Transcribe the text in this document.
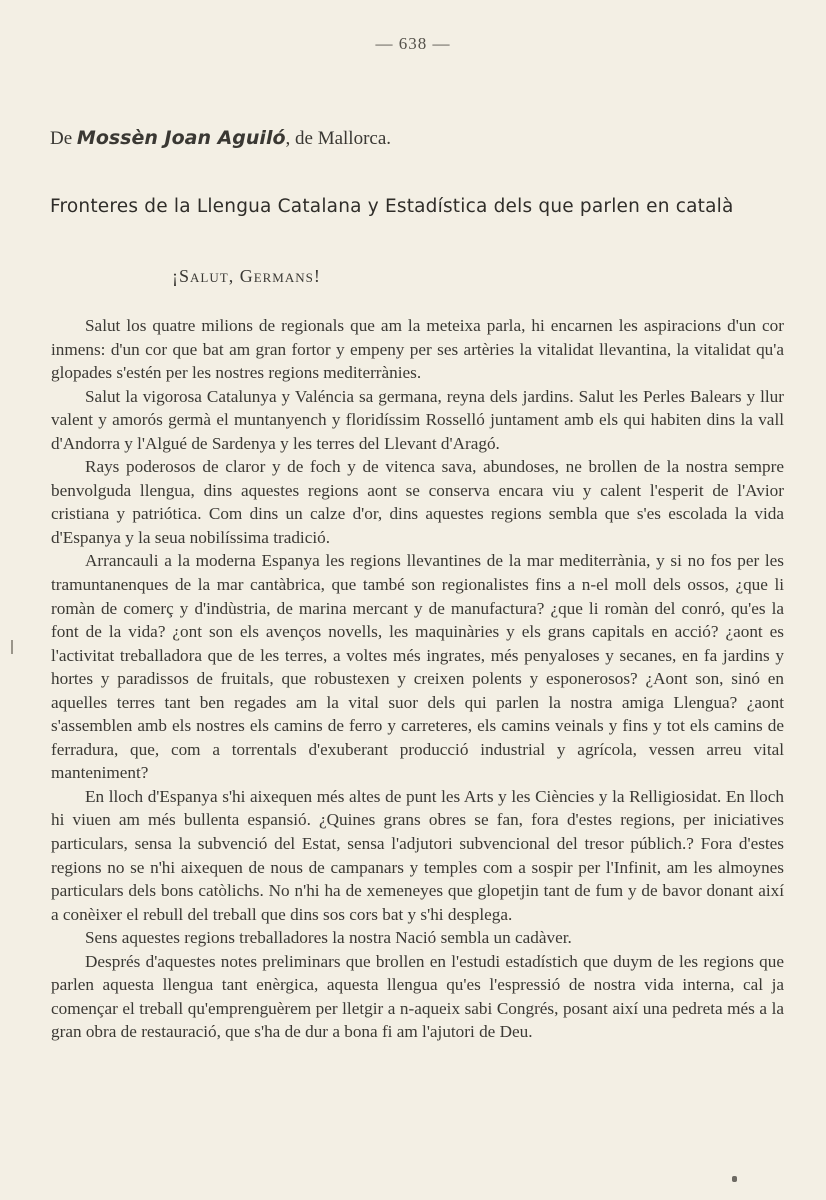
— 638 —
De Mossèn Joan Aguiló, de Mallorca.
Fronteres de la Llengua Catalana y Estadística dels que parlen en català
¡SALUT, GERMANS!

Salut los quatre milions de regionals que am la meteixa parla, hi encarnen les aspiracions d'un cor inmens: d'un cor que bat am gran fortor y empeny per ses artèries la vitalidat llevantina, la vitalidat qu'a glopades s'estén per les nostres regions mediterrànies.

Salut la vigorosa Catalunya y Valéncia sa germana, reyna dels jardins. Salut les Perles Balears y llur valent y amorós germà el muntanyench y floridíssim Rosselló juntament amb els qui habiten dins la vall d'Andorra y l'Algué de Sardenya y les terres del Llevant d'Aragó.

Rays poderosos de claror y de foch y de vitenca sava, abundoses, ne brollen de la nostra sempre benvolguda llengua, dins aquestes regions aont se conserva encara viu y calent l'esperit de l'Avior cristiana y patriótica. Com dins un calze d'or, dins aquestes regions sembla que s'es escolada la vida d'Espanya y la seua nobilíssima tradició.

Arrancauli a la moderna Espanya les regions llevantines de la mar mediterrània, y si no fos per les tramuntanenques de la mar cantàbrica, que també son regionalistes fins a n-el moll dels ossos, ¿que li romàn de comerç y d'indùstria, de marina mercant y de manufactura? ¿que li romàn del conró, qu'es la font de la vida? ¿ont son els avenços novells, les maquinàries y els grans capitals en acció? ¿aont es l'activitat treballadora que de les terres, a voltes més ingrates, més penyaloses y secanes, en fa jardins y hortes y paradissos de fruitals, que robustexen y creixen polents y esponerosos? ¿Aont son, sinó en aquelles terres tant ben regades am la vital suor dels qui parlen la nostra amiga Llengua? ¿aont s'assemblen amb els nostres els camins de ferro y carreteres, els camins veinals y fins y tot els camins de ferradura, que, com a torrentals d'exuberant producció industrial y agrícola, vessen arreu vital manteniment?

En lloch d'Espanya s'hi aixequen més altes de punt les Arts y les Ciències y la Relligiosidat. En lloch hi viuen am més bullenta espansió. ¿Quines grans obres se fan, fora d'estes regions, per iniciatives particulars, sensa la subvenció del Estat, sensa l'adjutori subvencional del tresor públich.? Fora d'estes regions no se n'hi aixequen de nous de campanars y temples com a sospir per l'Infinit, am les almoynes particulars dels bons catòlichs. No n'hi ha de xemeneyes que glopetjin tant de fum y de bavor donant així a conèixer el rebull del treball que dins sos cors bat y s'hi desplega.

Sens aquestes regions treballadores la nostra Nació sembla un cadàver.

Després d'aquestes notes preliminars que brollen en l'estudi estadístich que duym de les regions que parlen aquesta llengua tant enèrgica, aquesta llengua qu'es l'espressió de nostra vida interna, cal ja començar el treball qu'emprenguèrem per lletgir a n-aqueix sabi Congrés, posant així una pedreta més a la gran obra de restauració, que s'ha de dur a bona fi am l'ajutori de Deu.
